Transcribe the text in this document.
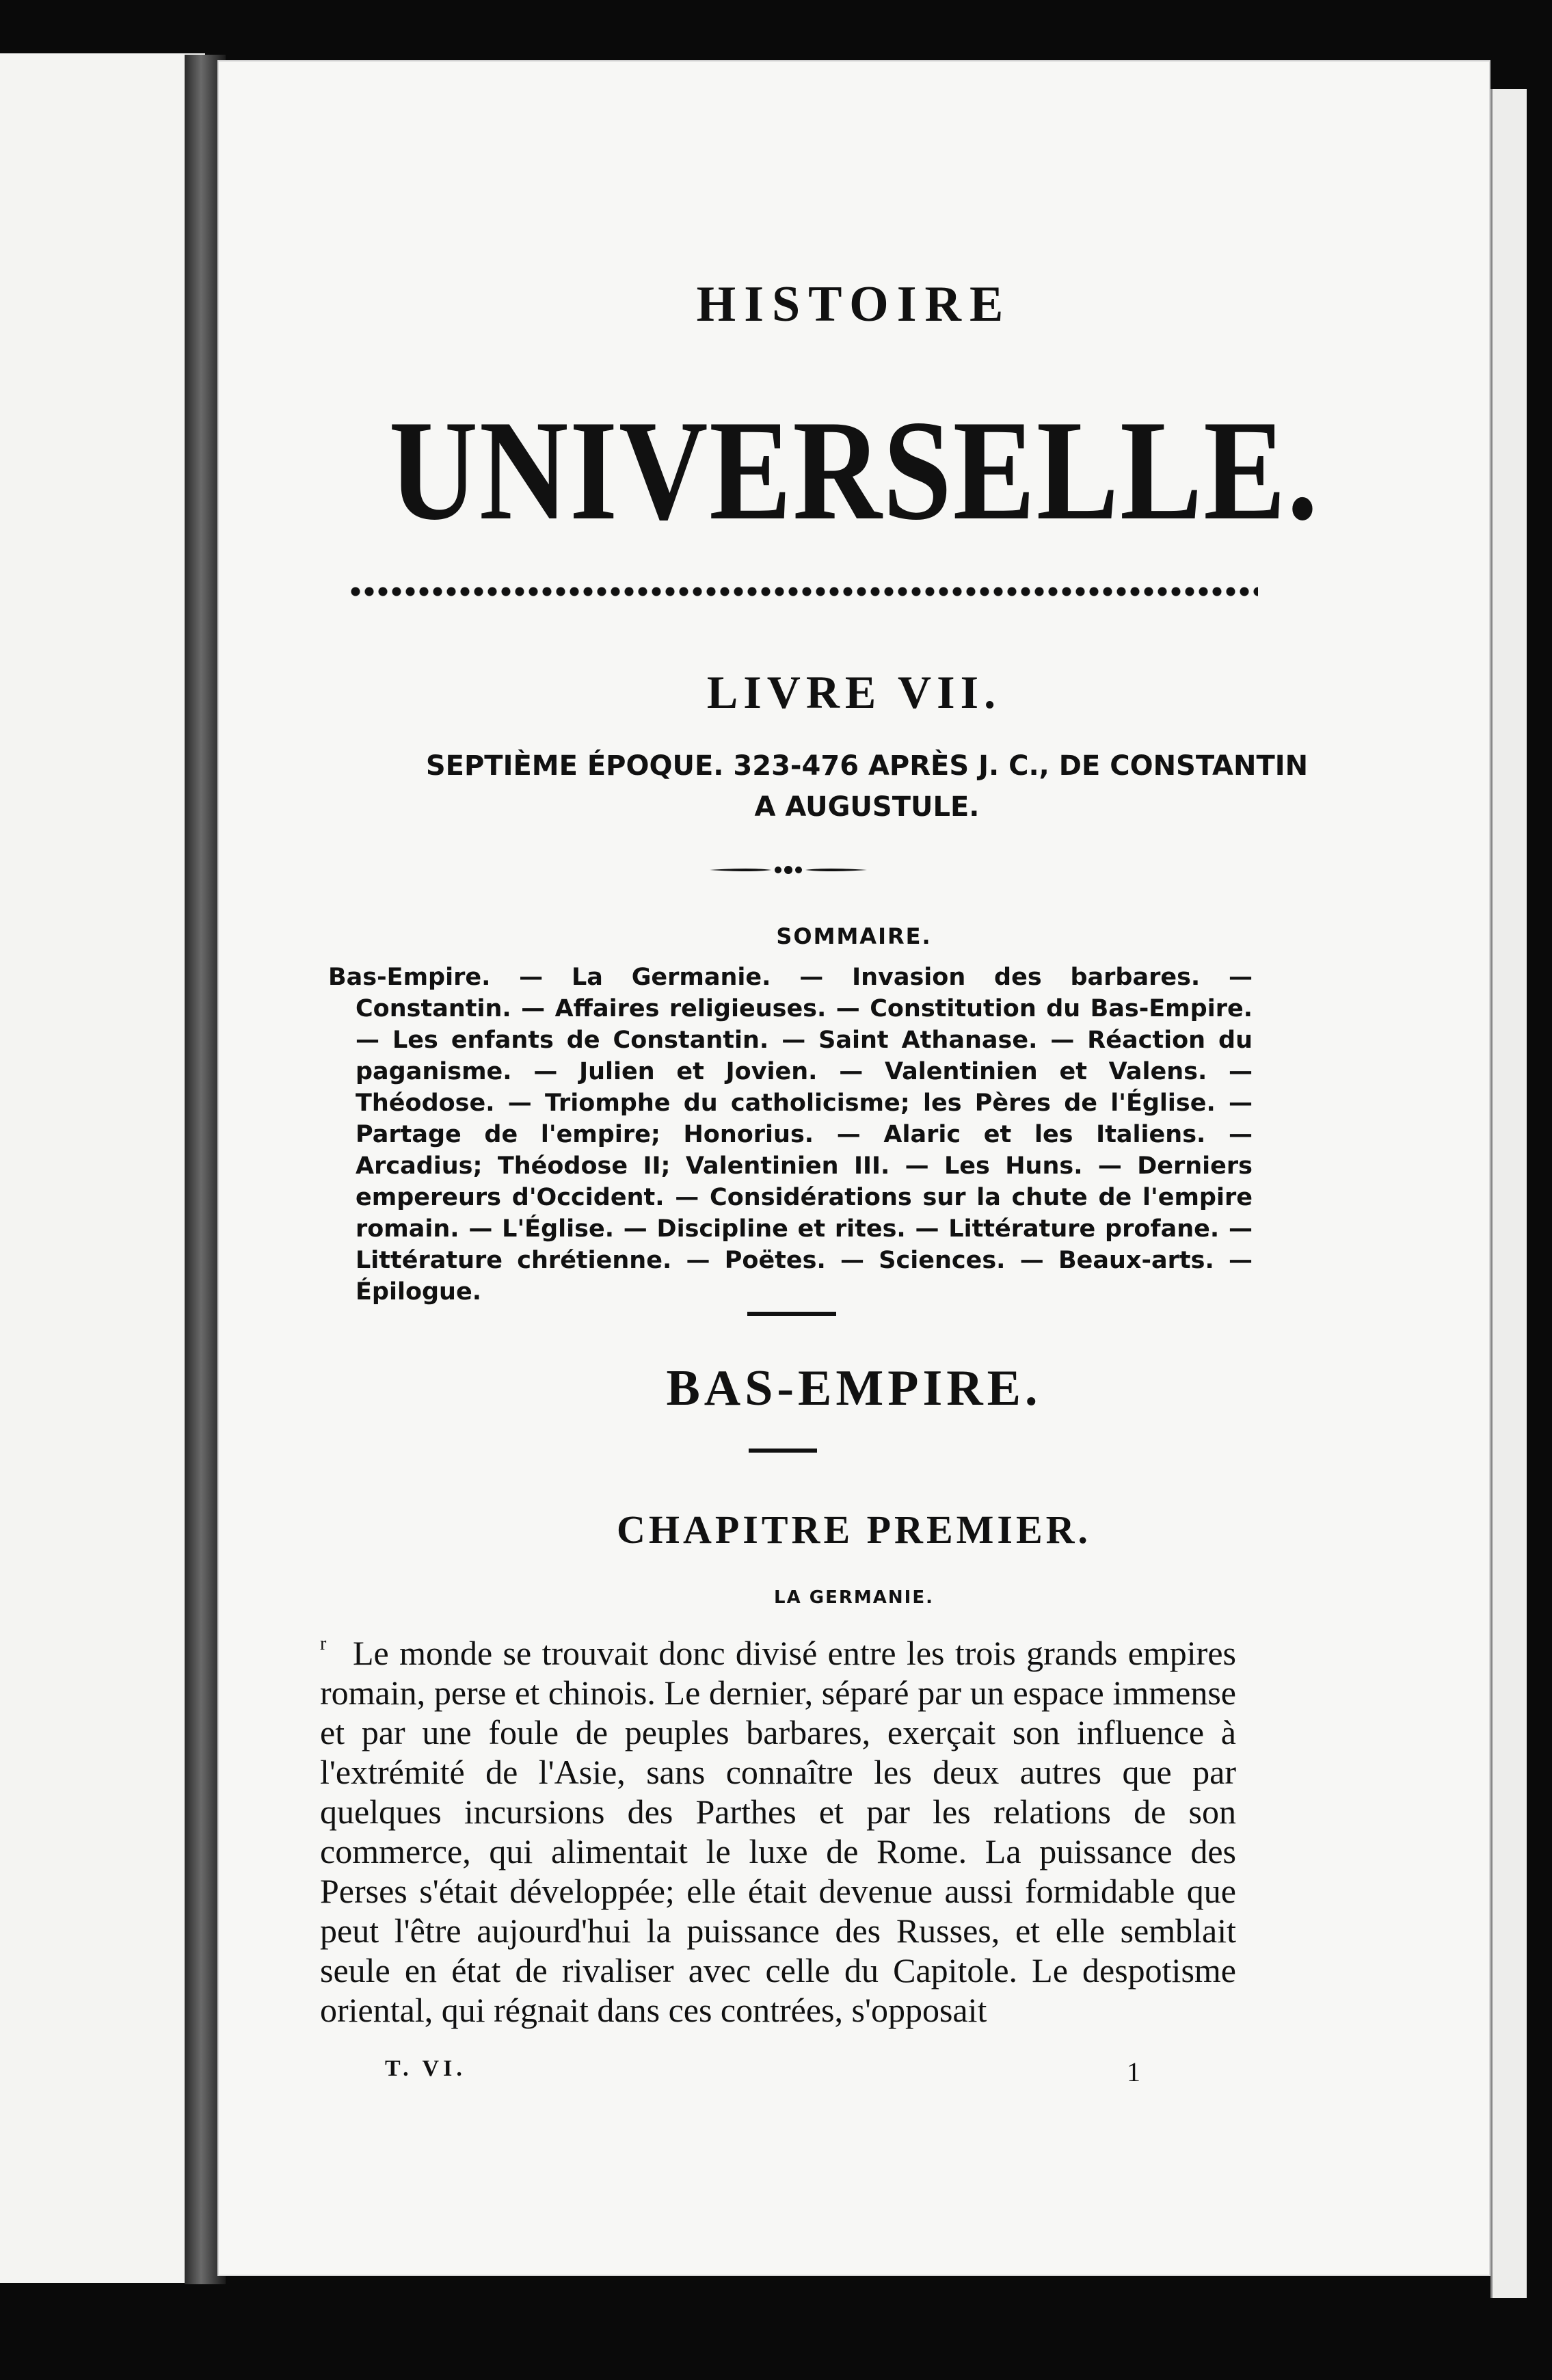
HISTOIRE
UNIVERSELLE.
LIVRE VII.
SEPTIÈME ÉPOQUE. 323-476 APRÈS J. C., DE CONSTANTIN
A AUGUSTULE.
SOMMAIRE.
Bas-Empire. — La Germanie. — Invasion des barbares. — Constantin. — Affaires religieuses. — Constitution du Bas-Empire. — Les enfants de Constantin. — Saint Athanase. — Réaction du paganisme. — Julien et Jovien. — Valentinien et Valens. — Théodose. — Triomphe du catholicisme; les Pères de l'Église. — Partage de l'empire; Honorius. — Alaric et les Italiens. — Arcadius; Théodose II; Valentinien III. — Les Huns. — Derniers empereurs d'Occident. — Considérations sur la chute de l'empire romain. — L'Église. — Discipline et rites. — Littérature profane. — Littérature chrétienne. — Poëtes. — Sciences. — Beaux-arts. — Épilogue.
BAS-EMPIRE.
CHAPITRE PREMIER.
LA GERMANIE.
r Le monde se trouvait donc divisé entre les trois grands empires romain, perse et chinois. Le dernier, séparé par un espace immense et par une foule de peuples barbares, exerçait son influence à l'extrémité de l'Asie, sans connaître les deux autres que par quelques incursions des Parthes et par les relations de son commerce, qui alimentait le luxe de Rome. La puissance des Perses s'était développée; elle était devenue aussi formidable que peut l'être aujourd'hui la puissance des Russes, et elle semblait seule en état de rivaliser avec celle du Capitole. Le despotisme oriental, qui régnait dans ces contrées, s'opposait
T. VI.	1
